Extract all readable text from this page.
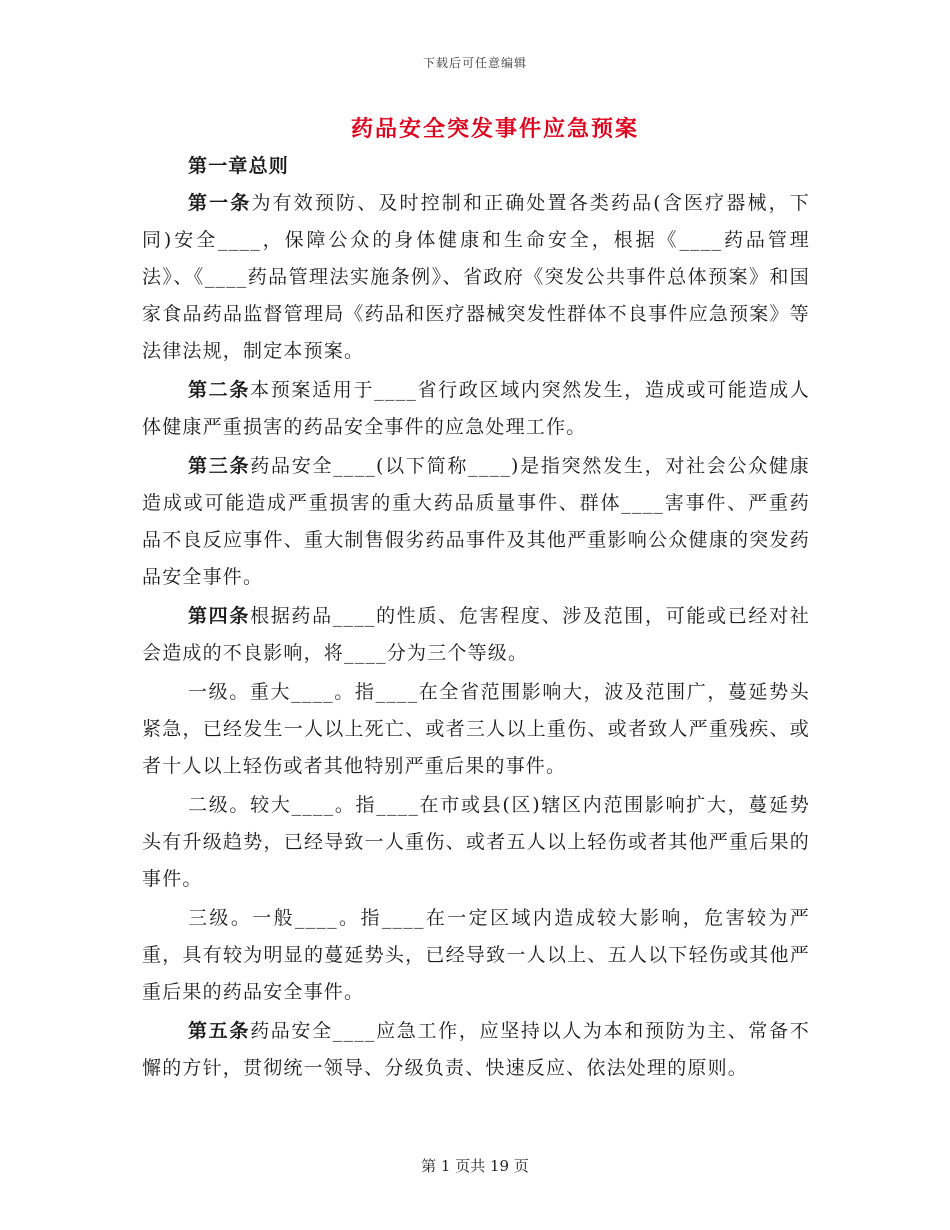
下载后可任意编辑
药品安全突发事件应急预案

第一章总则

第一条为有效预防、及时控制和正确处置各类药品(含医疗器械，下同)安全____，保障公众的身体健康和生命安全，根据《____药品管理法》、《____药品管理法实施条例》、省政府《突发公共事件总体预案》和国家食品药品监督管理局《药品和医疗器械突发性群体不良事件应急预案》等法律法规，制定本预案。

第二条本预案适用于____省行政区域内突然发生，造成或可能造成人体健康严重损害的药品安全事件的应急处理工作。

第三条药品安全____(以下简称____)是指突然发生，对社会公众健康造成或可能造成严重损害的重大药品质量事件、群体____害事件、严重药品不良反应事件、重大制售假劣药品事件及其他严重影响公众健康的突发药品安全事件。

第四条根据药品____的性质、危害程度、涉及范围，可能或已经对社会造成的不良影响，将____分为三个等级。

一级。重大____。指____在全省范围影响大，波及范围广，蔓延势头紧急，已经发生一人以上死亡、或者三人以上重伤、或者致人严重残疾、或者十人以上轻伤或者其他特别严重后果的事件。

二级。较大____。指____在市或县(区)辖区内范围影响扩大，蔓延势头有升级趋势，已经导致一人重伤、或者五人以上轻伤或者其他严重后果的事件。

三级。一般____。指____在一定区域内造成较大影响，危害较为严重，具有较为明显的蔓延势头，已经导致一人以上、五人以下轻伤或其他严重后果的药品安全事件。

第五条药品安全____应急工作，应坚持以人为本和预防为主、常备不懈的方针，贯彻统一领导、分级负责、快速反应、依法处理的原则。

第 1 页共 19 页
